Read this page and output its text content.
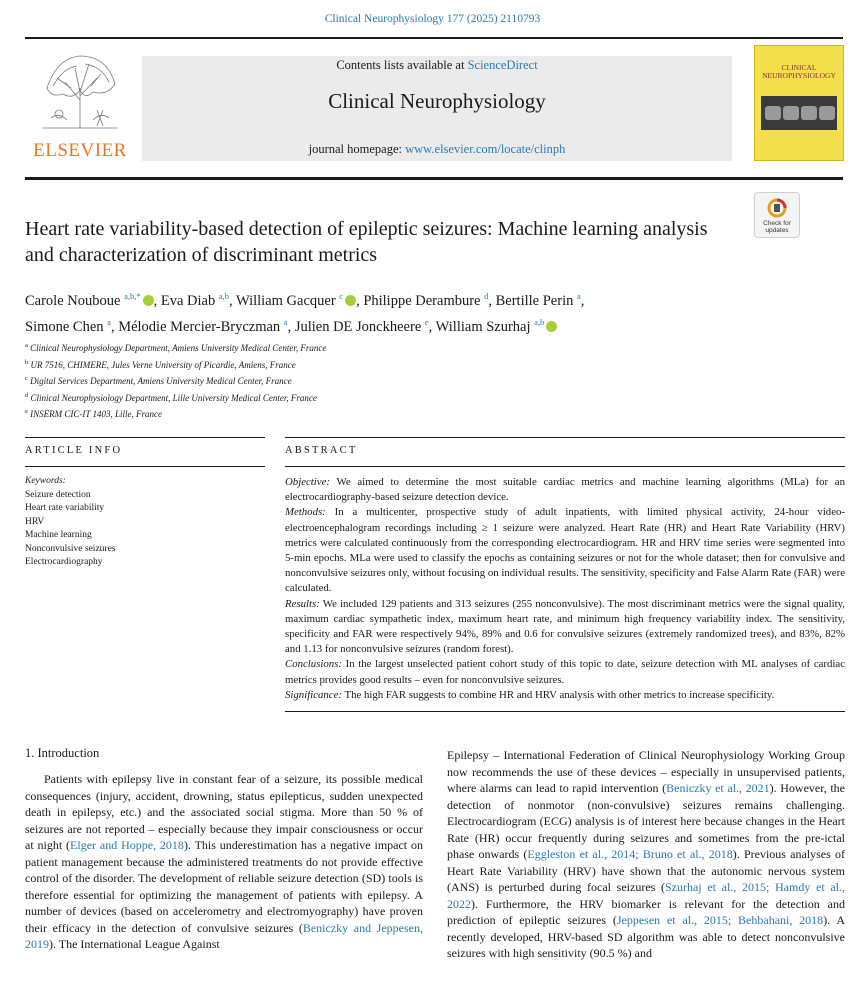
Clinical Neurophysiology 177 (2025) 2110793
ELSEVIER
Contents lists available at ScienceDirect
Clinical Neurophysiology
journal homepage: www.elsevier.com/locate/clinph
CLINICAL NEUROPHYSIOLOGY
Check for updates
Heart rate variability-based detection of epileptic seizures: Machine learning analysis and characterization of discriminant metrics
Carole Nouboue $^{a,b,*}$ , Eva Diab $^{a,b}$, William Gacquer $^c$ , Philippe Derambure $^d$, Bertille Perin $^a$,
Simone Chen $^a$, Mélodie Mercier-Bryczman $^a$, Julien DE Jonckheere $^e$, William Szurhaj $^{a,b}$
$^a$ Clinical Neurophysiology Department, Amiens University Medical Center, France
$^b$ UR 7516, CHIMERE, Jules Verne University of Picardie, Amiens, France
$^c$ Digital Services Department, Amiens University Medical Center, France
$^d$ Clinical Neurophysiology Department, Lille University Medical Center, France
$^e$ INSERM CIC-IT 1403, Lille, France
ARTICLE INFO	ABSTRACT
Keywords:
Seizure detection
Heart rate variability
HRV
Machine learning
Nonconvulsive seizures
Electrocardiography

Objective: We aimed to determine the most suitable cardiac metrics and machine learning algorithms (MLa) for an electrocardiography-based seizure detection device.

Methods: In a multicenter, prospective study of adult inpatients, with limited physical activity, 24-hour video-electroencephalogram recordings including ≥ 1 seizure were analyzed. Heart Rate (HR) and Heart Rate Variability (HRV) metrics were calculated continuously from the corresponding electrocardiogram. HR and HRV time series were segmented into 5-min epochs. MLa were used to classify the epochs as containing seizures or not for the whole dataset; then for convulsive and nonconvulsive seizures only, without focusing on individual results. The sensitivity, specificity and False Alarm Rate (FAR) were calculated.

Results: We included 129 patients and 313 seizures (255 nonconvulsive). The most discriminant metrics were the signal quality, maximum cardiac sympathetic index, maximum heart rate, and minimum high frequency variability index. The sensitivity, specificity and FAR were respectively 94%, 89% and 0.6 for convulsive seizures (extremely randomized trees), and 83%, 82% and 1.13 for nonconvulsive seizures (random forest).

Conclusions: In the largest unselected patient cohort study of this topic to date, seizure detection with ML analyses of cardiac metrics provides good results – even for nonconvulsive seizures.

Significance: The high FAR suggests to combine HR and HRV analysis with other metrics to increase specificity.

1. Introduction

Patients with epilepsy live in constant fear of a seizure, its possible medical consequences (injury, accident, drowning, status epilepticus, sudden unexpected death in epilepsy, etc.) and the associated social stigma. More than 50 % of seizures are not reported – especially because they impair consciousness or occur at night (Elger and Hoppe, 2018). This underestimation has a negative impact on patient management because the administered treatments do not provide effective control of the disorder. The development of reliable seizure detection (SD) tools is therefore essential for optimizing the management of patients with epilepsy. A number of devices (based on accelerometry and electromyography) have proven their efficacy in the detection of convulsive seizures (Beniczky and Jeppesen, 2019). The International League Against

Epilepsy – International Federation of Clinical Neurophysiology Working Group now recommends the use of these devices – especially in unsupervised patients, where alarms can lead to rapid intervention (Beniczky et al., 2021). However, the detection of nonmotor (non-convulsive) seizures remains challenging. Electrocardiogram (ECG) analysis is of interest here because changes in the Heart Rate (HR) occur frequently during seizures and sometimes from the pre-ictal phase onwards (Eggleston et al., 2014; Bruno et al., 2018). Previous analyses of Heart Rate Variability (HRV) have shown that the autonomic nervous system (ANS) is perturbed during focal seizures (Szurhaj et al., 2015; Hamdy et al., 2022). Furthermore, the HRV biomarker is relevant for the detection and prediction of epileptic seizures (Jeppesen et al., 2015; Behbahani, 2018). A recently developed, HRV-based SD algorithm was able to detect nonconvulsive seizures with high sensitivity (90.5 %) and
